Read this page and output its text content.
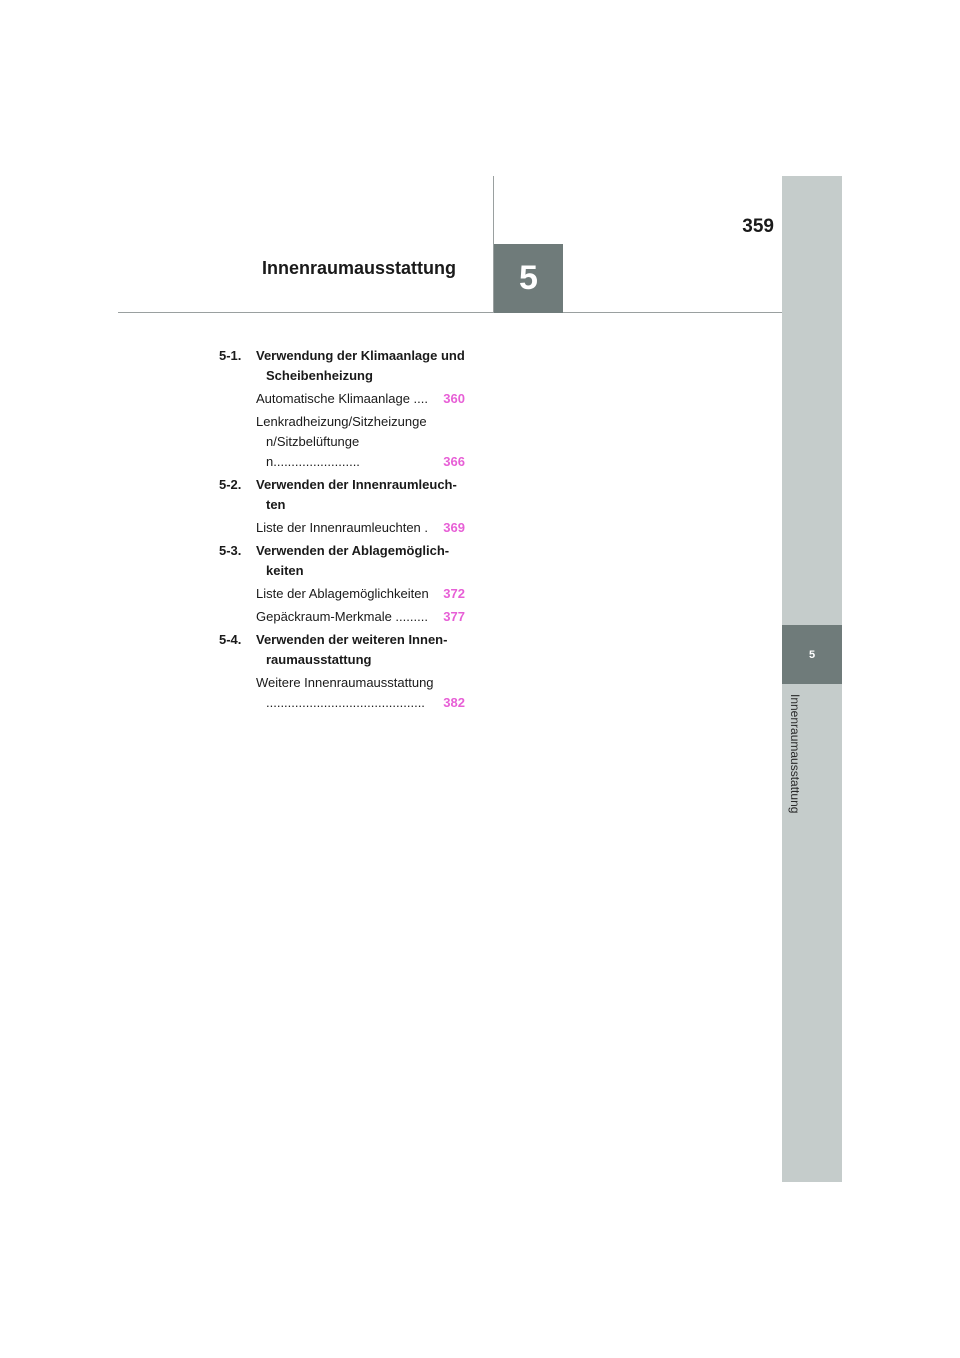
5
359
Innenraumausstattung
5
Innenraumausstattung
5-1.	Verwendung der Klimaanlage und Scheibenheizung
Automatische Klimaanlage .... 360
Lenkradheizung/Sitzheizungen/Sitzbelüftungen........................	366
5-2.	Verwenden der Innenraumleuch-ten
Liste der Innenraumleuchten . 369
5-3.	Verwenden der Ablagemöglich-keiten
Liste der Ablagemöglichkeiten 372
Gepäckraum-Merkmale ......... 377
5-4.	Verwenden der weiteren Innen-raumausstattung
Weitere Innenraumausstattung ............................................ 382
